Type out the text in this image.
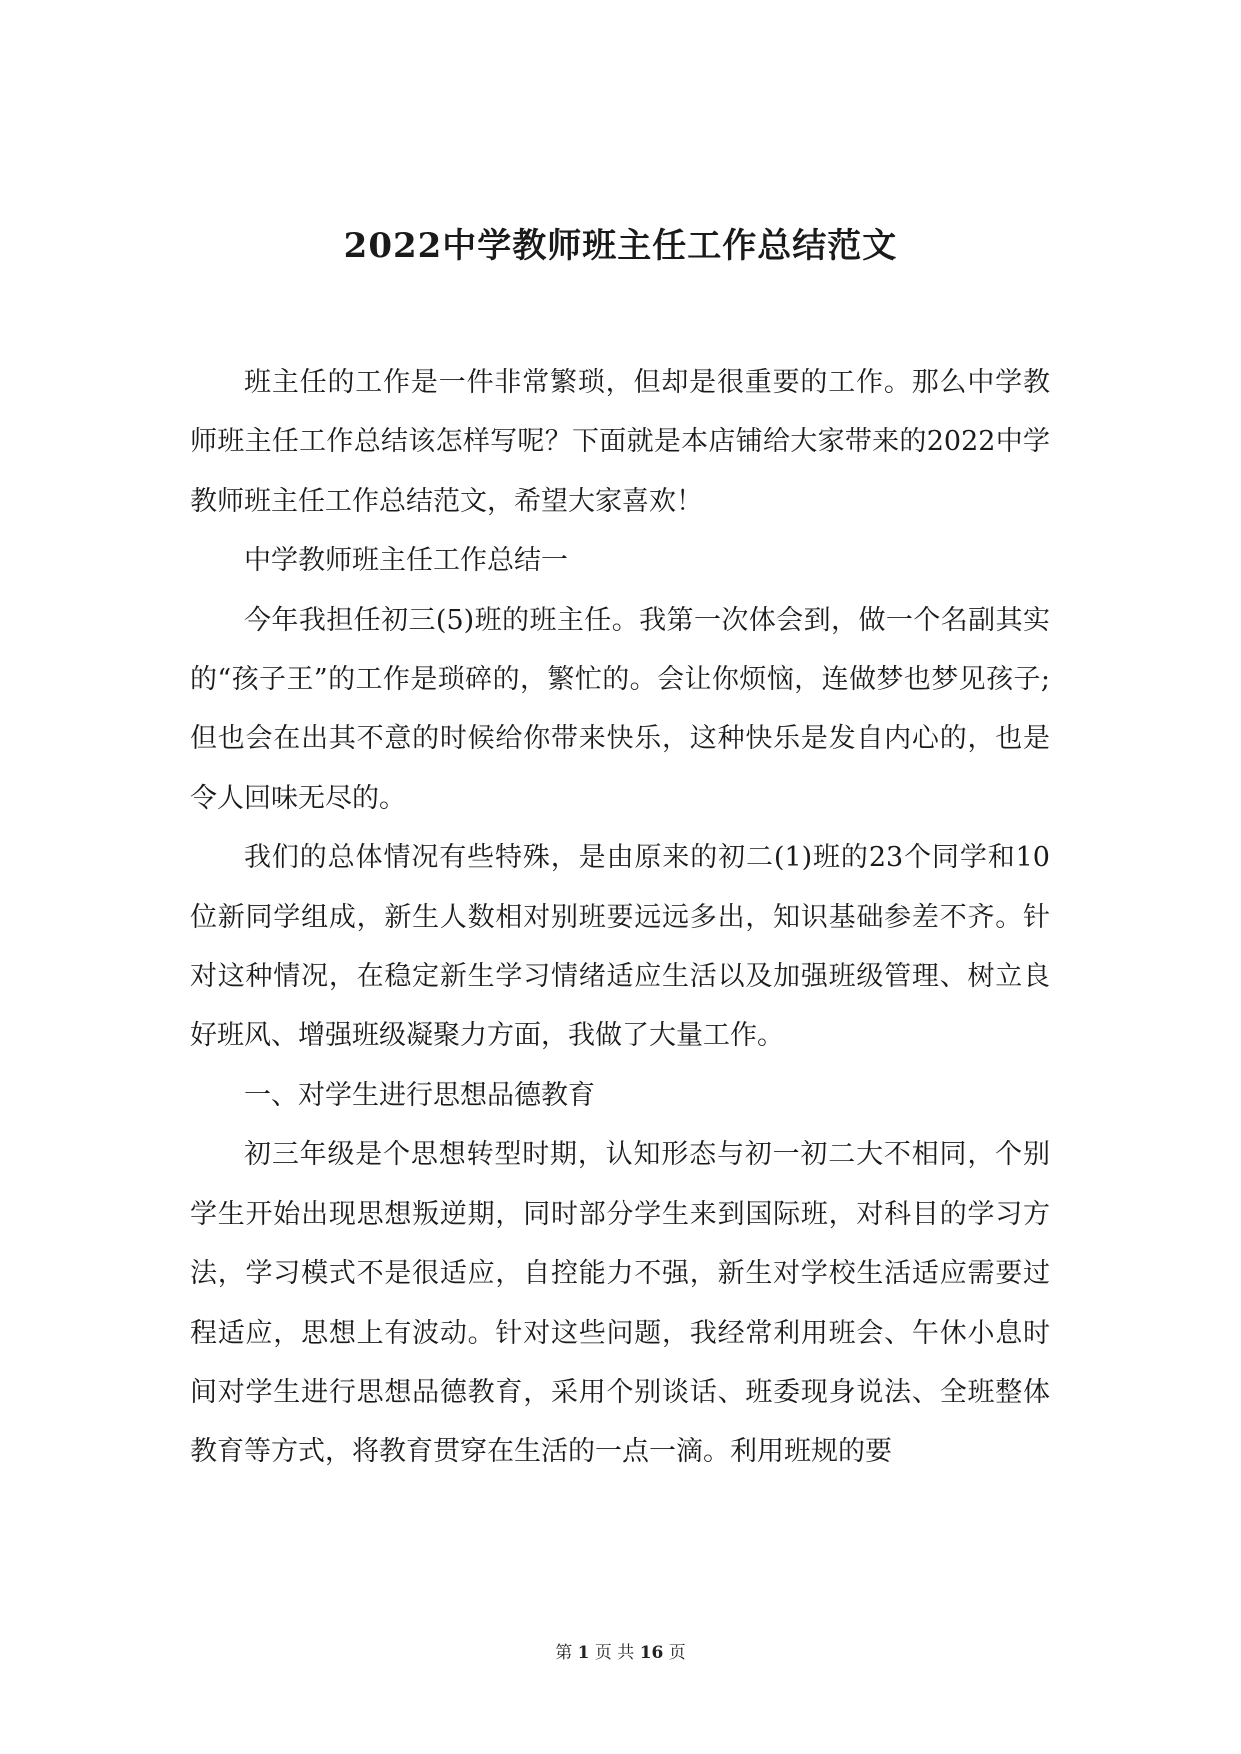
2022中学教师班主任工作总结范文

班主任的工作是一件非常繁琐，但却是很重要的工作。那么中学教师班主任工作总结该怎样写呢？下面就是本店铺给大家带来的2022中学教师班主任工作总结范文，希望大家喜欢！

中学教师班主任工作总结一

今年我担任初三(5)班的班主任。我第一次体会到，做一个名副其实的“孩子王”的工作是琐碎的，繁忙的。会让你烦恼，连做梦也梦见孩子;但也会在出其不意的时候给你带来快乐，这种快乐是发自内心的，也是令人回味无尽的。

我们的总体情况有些特殊，是由原来的初二(1)班的23个同学和10位新同学组成，新生人数相对别班要远远多出，知识基础参差不齐。针对这种情况，在稳定新生学习情绪适应生活以及加强班级管理、树立良好班风、增强班级凝聚力方面，我做了大量工作。

一、对学生进行思想品德教育

初三年级是个思想转型时期，认知形态与初一初二大不相同，个别学生开始出现思想叛逆期，同时部分学生来到国际班，对科目的学习方法，学习模式不是很适应，自控能力不强，新生对学校生活适应需要过程适应，思想上有波动。针对这些问题，我经常利用班会、午休小息时间对学生进行思想品德教育，采用个别谈话、班委现身说法、全班整体教育等方式，将教育贯穿在生活的一点一滴。利用班规的要

第 1 页 共 16 页
